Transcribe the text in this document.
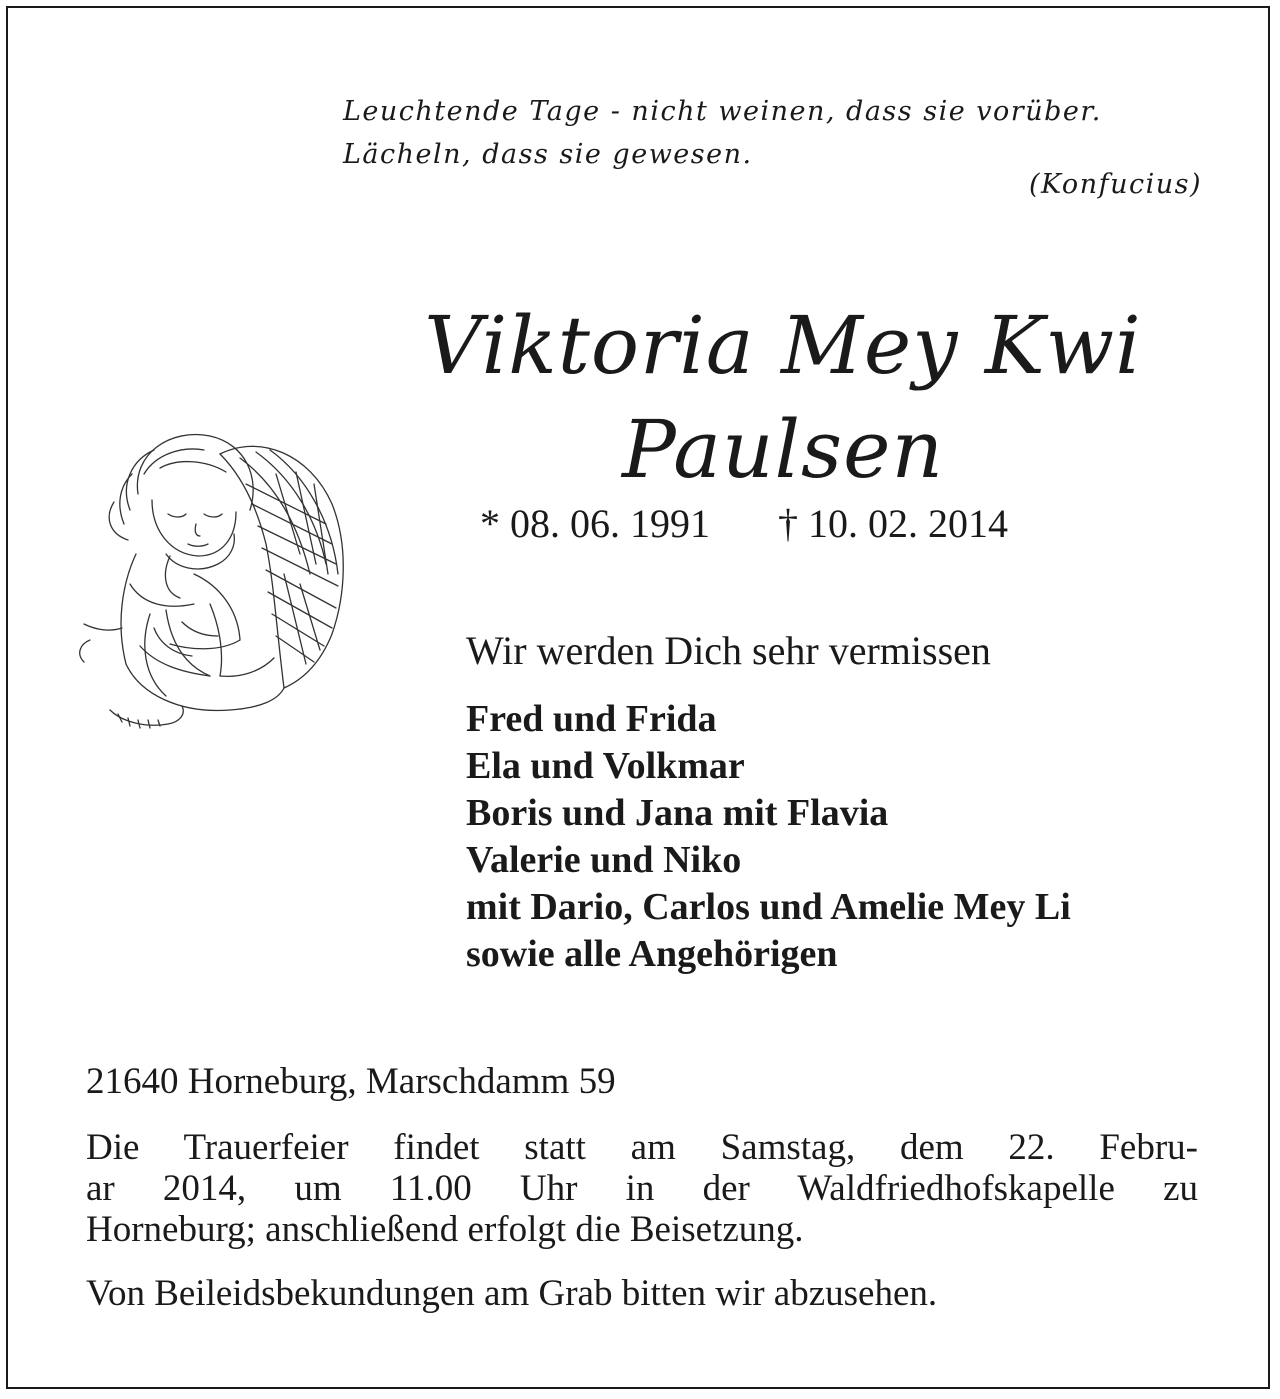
Leuchtende Tage - nicht weinen, dass sie vorüber.
Lächeln, dass sie gewesen.
(Konfucius)
Viktoria Mey Kwi
Paulsen
* 08. 06. 1991 † 10. 02. 2014
Wir werden Dich sehr vermissen
Fred und Frida
Ela und Volkmar
Boris und Jana mit Flavia
Valerie und Niko
mit Dario, Carlos und Amelie Mey Li
sowie alle Angehörigen
21640 Horneburg, Marschdamm 59
Die Trauerfeier findet statt am Samstag, dem 22. Febru-
ar 2014, um 11.00 Uhr in der Waldfriedhofskapelle zu
Horneburg; anschließend erfolgt die Beisetzung.
Von Beileidsbekundungen am Grab bitten wir abzusehen.
